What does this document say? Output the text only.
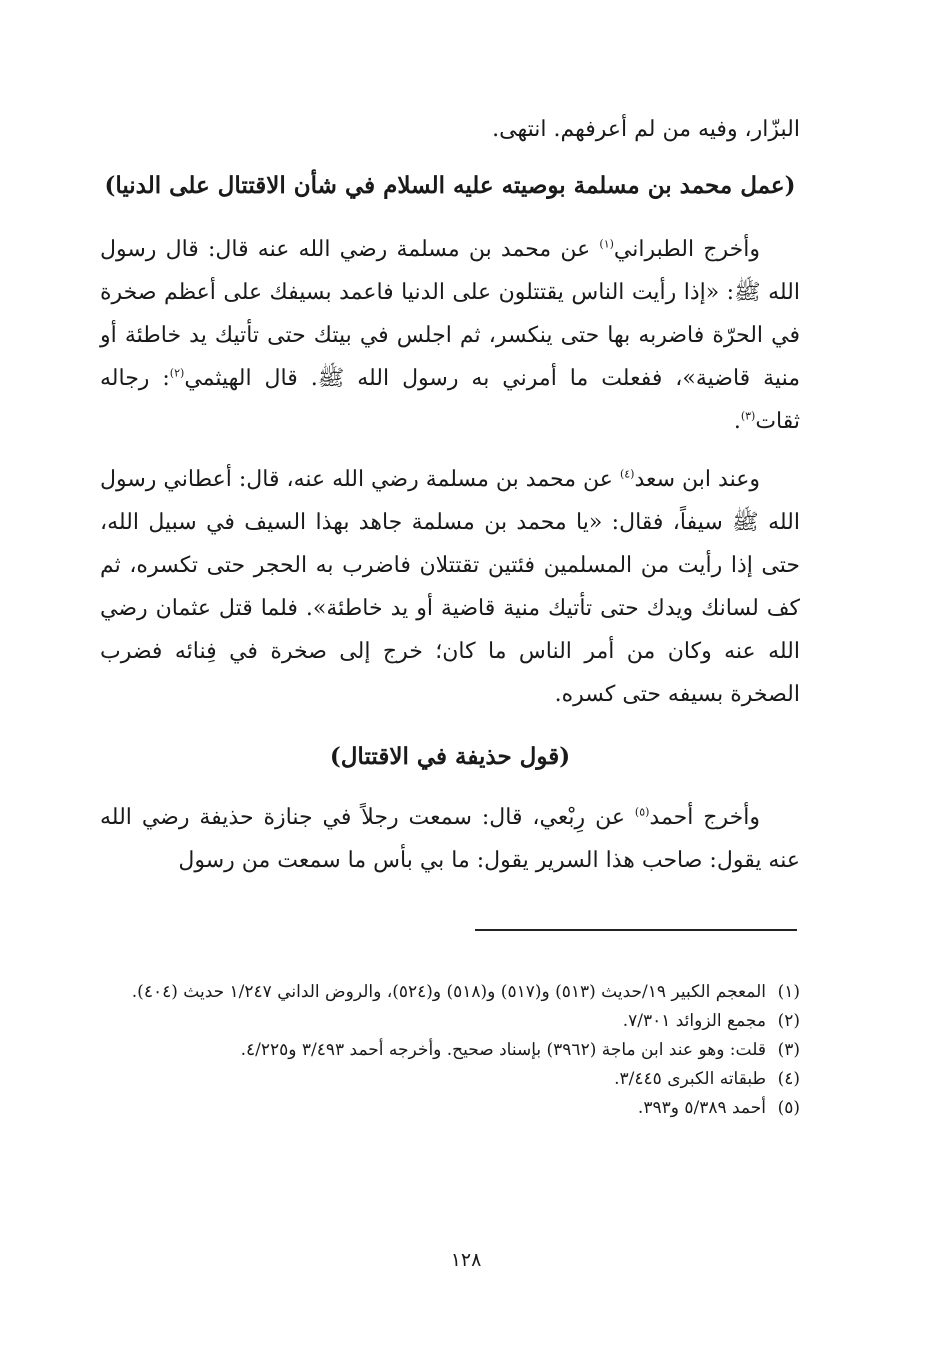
البزّار، وفيه من لم أعرفهم. انتهى.

(عمل محمد بن مسلمة بوصيته عليه السلام في شأن الاقتتال على الدنيا)

وأخرج الطبراني$^{(١)}$ عن محمد بن مسلمة رضي الله عنه قال: قال رسول الله ﷺ: «إذا رأيت الناس يقتتلون على الدنيا فاعمد بسيفك على أعظم صخرة في الحرّة فاضربه بها حتى ينكسر، ثم اجلس في بيتك حتى تأتيك يد خاطئة أو منية قاضية»، ففعلت ما أمرني به رسول الله ﷺ. قال الهيثمي$^{(٢)}$: رجاله ثقات$^{(٣)}$.

وعند ابن سعد$^{(٤)}$ عن محمد بن مسلمة رضي الله عنه، قال: أعطاني رسول الله ﷺ سيفاً، فقال: «يا محمد بن مسلمة جاهد بهذا السيف في سبيل الله، حتى إذا رأيت من المسلمين فئتين تقتتلان فاضرب به الحجر حتى تكسره، ثم كف لسانك ويدك حتى تأتيك منية قاضية أو يد خاطئة». فلما قتل عثمان رضي الله عنه وكان من أمر الناس ما كان؛ خرج إلى صخرة في فِنائه فضرب الصخرة بسيفه حتى كسره.

(قول حذيفة في الاقتتال)

وأخرج أحمد$^{(٥)}$ عن رِبْعي، قال: سمعت رجلاً في جنازة حذيفة رضي الله عنه يقول: صاحب هذا السرير يقول: ما بي بأس ما سمعت من رسول

(١)
المعجم الكبير ١٩/حديث (٥١٣) و(٥١٧) و(٥١٨) و(٥٢٤)، والروض الداني ١/٢٤٧ حديث (٤٠٤).
(٢)
مجمع الزوائد ٧/٣٠١.
(٣)
قلت: وهو عند ابن ماجة (٣٩٦٢) بإسناد صحيح. وأخرجه أحمد ٣/٤٩٣ و٤/٢٢٥.
(٤)
طبقاته الكبرى ٣/٤٤٥.
(٥)
أحمد ٥/٣٨٩ و٣٩٣.
١٢٨
